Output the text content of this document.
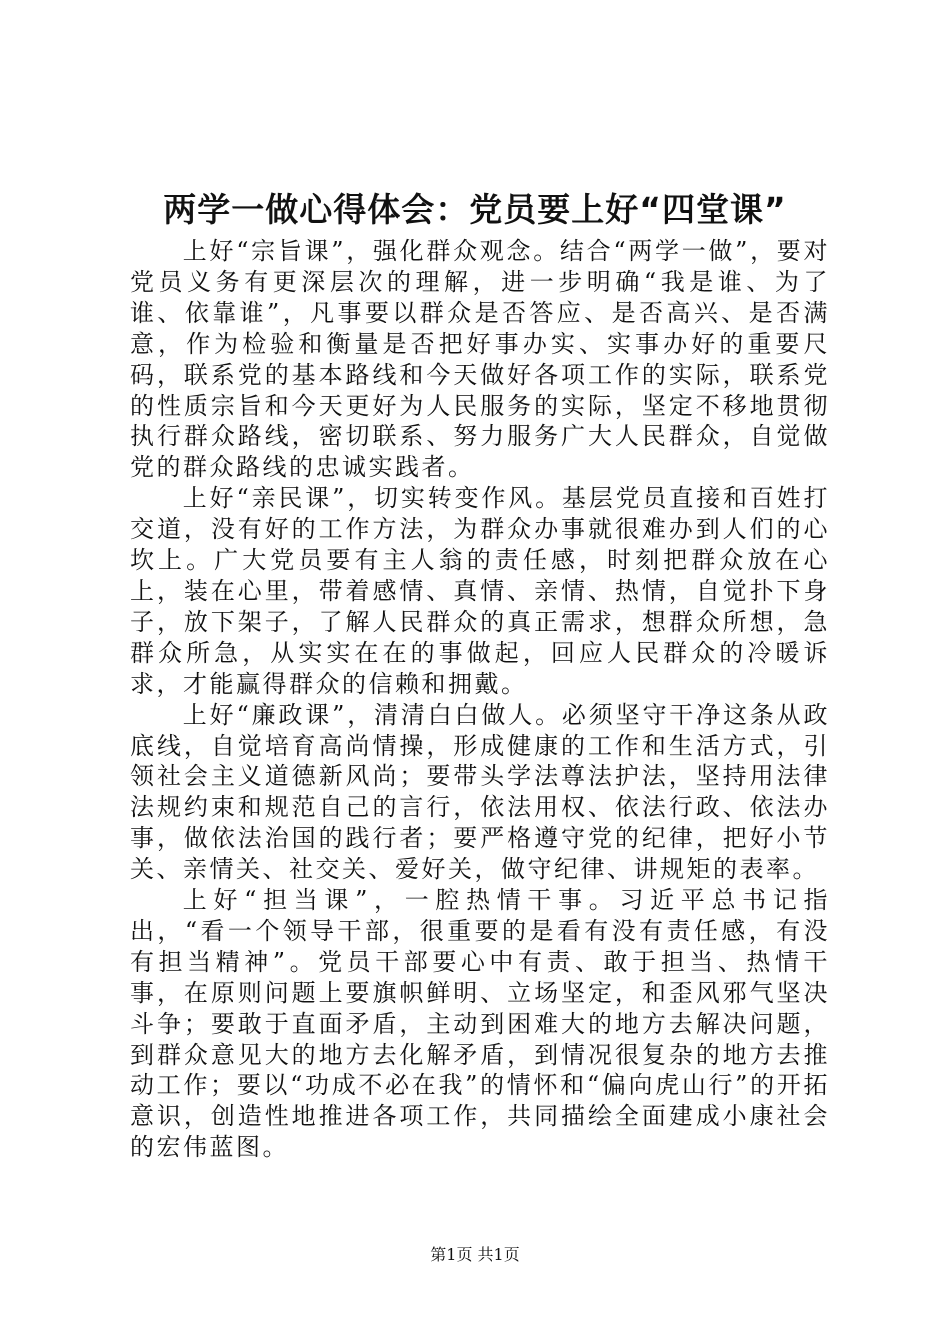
两学一做心得体会：党员要上好“四堂课”

上好“宗旨课”，强化群众观念。结合“两学一做”，要对党员义务有更深层次的理解，进一步明确“我是谁、为了谁、依靠谁”，凡事要以群众是否答应、是否高兴、是否满意，作为检验和衡量是否把好事办实、实事办好的重要尺码，联系党的基本路线和今天做好各项工作的实际，联系党的性质宗旨和今天更好为人民服务的实际，坚定不移地贯彻执行群众路线，密切联系、努力服务广大人民群众，自觉做党的群众路线的忠诚实践者。

上好“亲民课”，切实转变作风。基层党员直接和百姓打交道，没有好的工作方法，为群众办事就很难办到人们的心坎上。广大党员要有主人翁的责任感，时刻把群众放在心上，装在心里，带着感情、真情、亲情、热情，自觉扑下身子，放下架子，了解人民群众的真正需求，想群众所想，急群众所急，从实实在在的事做起，回应人民群众的冷暖诉求，才能赢得群众的信赖和拥戴。

上好“廉政课”，清清白白做人。必须坚守干净这条从政底线，自觉培育高尚情操，形成健康的工作和生活方式，引领社会主义道德新风尚；要带头学法尊法护法，坚持用法律法规约束和规范自己的言行，依法用权、依法行政、依法办事，做依法治国的践行者；要严格遵守党的纪律，把好小节关、亲情关、社交关、爱好关，做守纪律、讲规矩的表率。

上好“担当课”，一腔热情干事。习近平总书记指出，“看一个领导干部，很重要的是看有没有责任感，有没有担当精神”。党员干部要心中有责、敢于担当、热情干事，在原则问题上要旗帜鲜明、立场坚定，和歪风邪气坚决斗争；要敢于直面矛盾，主动到困难大的地方去解决问题，到群众意见大的地方去化解矛盾，到情况很复杂的地方去推动工作；要以“功成不必在我”的情怀和“偏向虎山行”的开拓意识，创造性地推进各项工作，共同描绘全面建成小康社会的宏伟蓝图。

第1页 共1页
